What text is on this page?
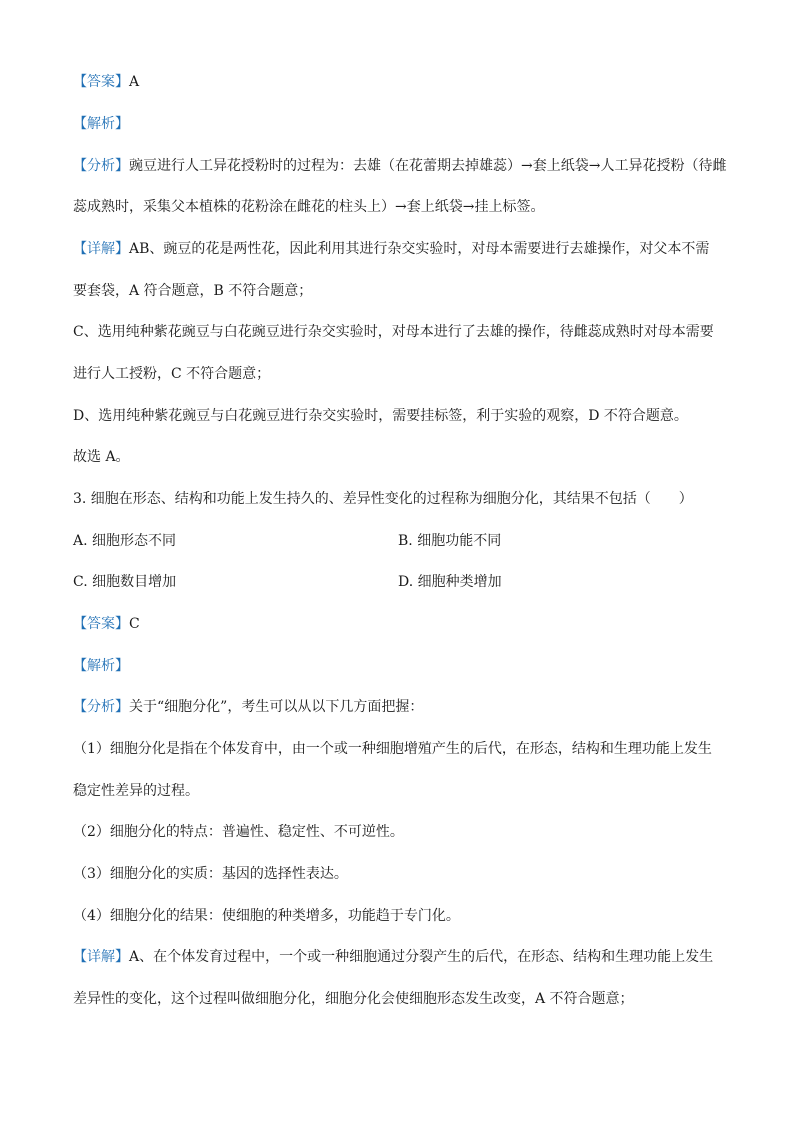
【答案】A
【解析】
【分析】豌豆进行人工异花授粉时的过程为：去雄（在花蕾期去掉雄蕊）→套上纸袋→人工异花授粉（待雌
蕊成熟时，采集父本植株的花粉涂在雌花的柱头上）→套上纸袋→挂上标签。
【详解】AB、豌豆的花是两性花，因此利用其进行杂交实验时，对母本需要进行去雄操作，对父本不需
要套袋，A 符合题意，B 不符合题意；
C、选用纯种紫花豌豆与白花豌豆进行杂交实验时，对母本进行了去雄的操作，待雌蕊成熟时对母本需要
进行人工授粉，C 不符合题意；
D、选用纯种紫花豌豆与白花豌豆进行杂交实验时，需要挂标签，利于实验的观察，D 不符合题意。
故选 A。
3. 细胞在形态、结构和功能上发生持久的、差异性变化的过程称为细胞分化，其结果不包括（　　）
A. 细胞形态不同	B. 细胞功能不同
C. 细胞数目增加	D. 细胞种类增加
【答案】C
【解析】
【分析】关于“细胞分化”，考生可以从以下几方面把握：
（1）细胞分化是指在个体发育中，由一个或一种细胞增殖产生的后代，在形态，结构和生理功能上发生
稳定性差异的过程。
（2）细胞分化的特点：普遍性、稳定性、不可逆性。
（3）细胞分化的实质：基因的选择性表达。
（4）细胞分化的结果：使细胞的种类增多，功能趋于专门化。
【详解】A、在个体发育过程中，一个或一种细胞通过分裂产生的后代，在形态、结构和生理功能上发生
差异性的变化，这个过程叫做细胞分化，细胞分化会使细胞形态发生改变，A 不符合题意；
